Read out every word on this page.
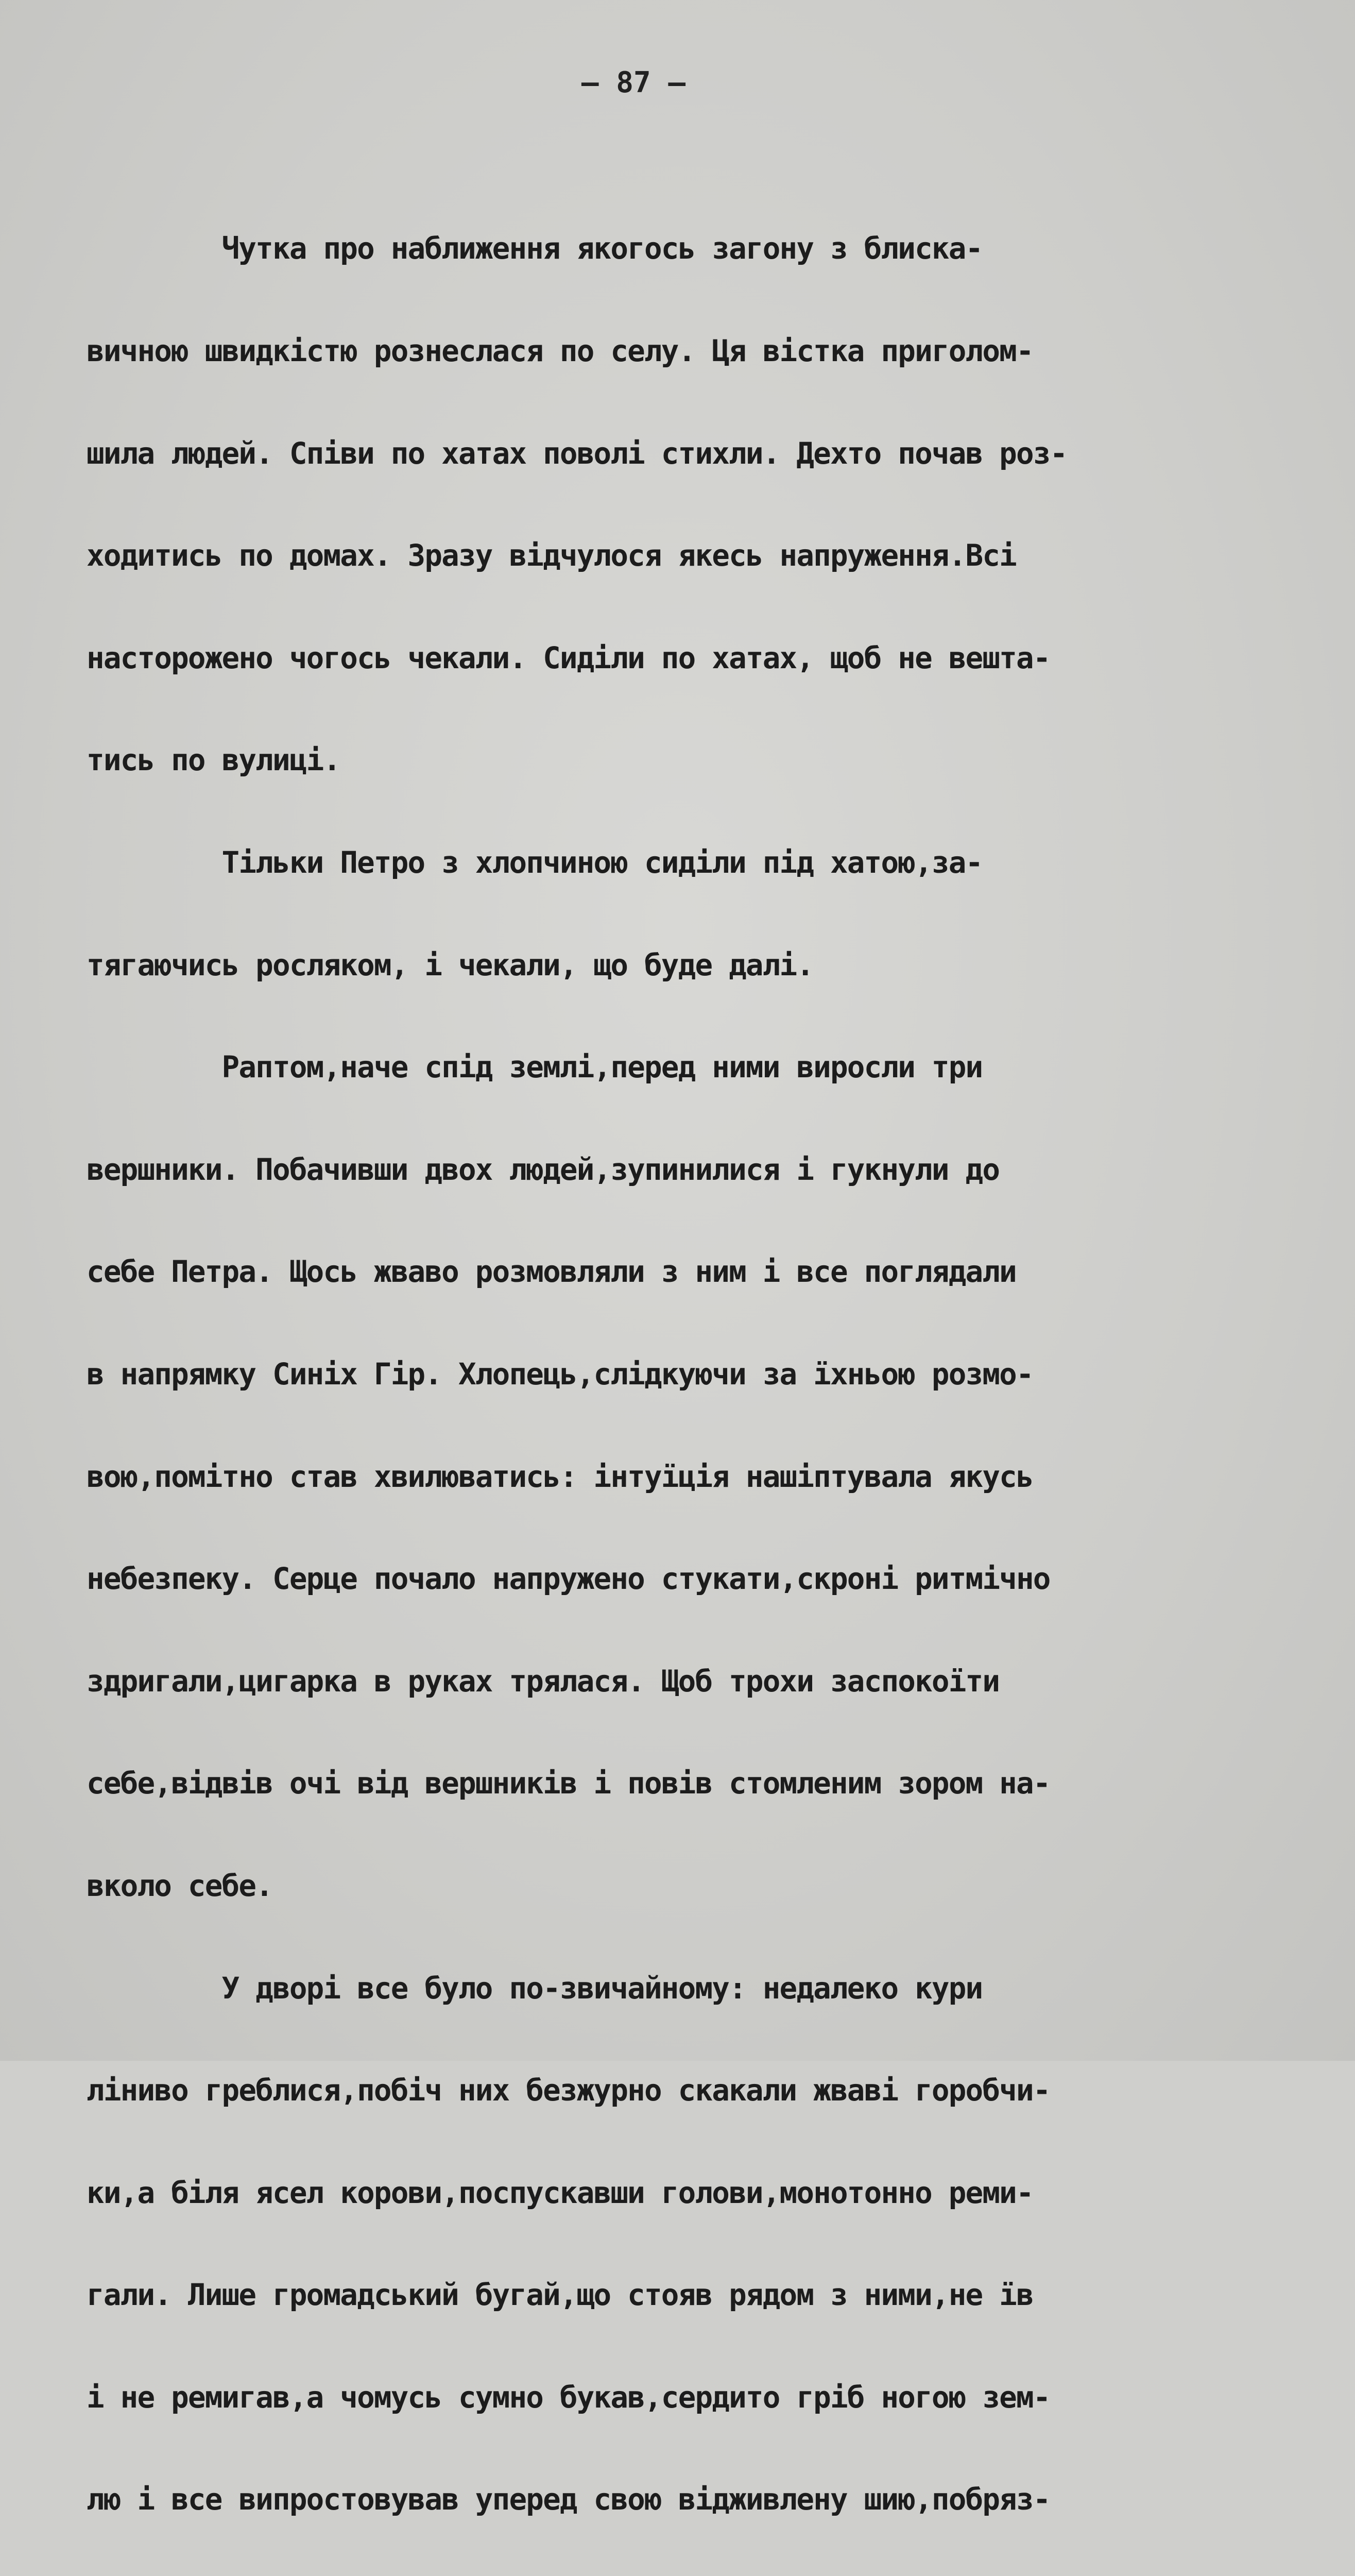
— 87 —

Чутка про наближення якогось загону з блиска-

вичною швидкістю рознеслася по селу. Ця вістка приголом-

шила людей. Співи по хатах поволі стихли. Дехто почав роз-

ходитись по домах. Зразу відчулося якесь напруження.Всі

насторожено чогось чекали. Сиділи по хатах, щоб не вешта-

тись по вулиці.

Тільки Петро з хлопчиною сиділи під хатою,за-

тягаючись росляком, і чекали, що буде далі.

Раптом,наче спід землі,перед ними виросли три

вершники. Побачивши двох людей,зупинилися і гукнули до

себе Петра. Щось жваво розмовляли з ним і все поглядали

в напрямку Синіх Гір. Хлопець,слідкуючи за їхньою розмо-

вою,помітно став хвилюватись: інтуїція нашіптувала якусь

небезпеку. Серце почало напружено стукати,скроні ритмічно

здригали,цигарка в руках трялася. Щоб трохи заспокоїти

себе,відвів очі від вершників і повів стомленим зором на-

вколо себе.

У дворі все було по-звичайному: недалеко кури

ліниво греблися,побіч них безжурно скакали жваві горобчи-

ки,а біля ясел корови,поспускавши голови,монотонно реми-

гали. Лише громадський бугай,що стояв рядом з ними,не їв

і не ремигав,а чомусь сумно букав,сердито гріб ногою зем-

лю і все випростовував уперед свою відживлену шию,побряз-
